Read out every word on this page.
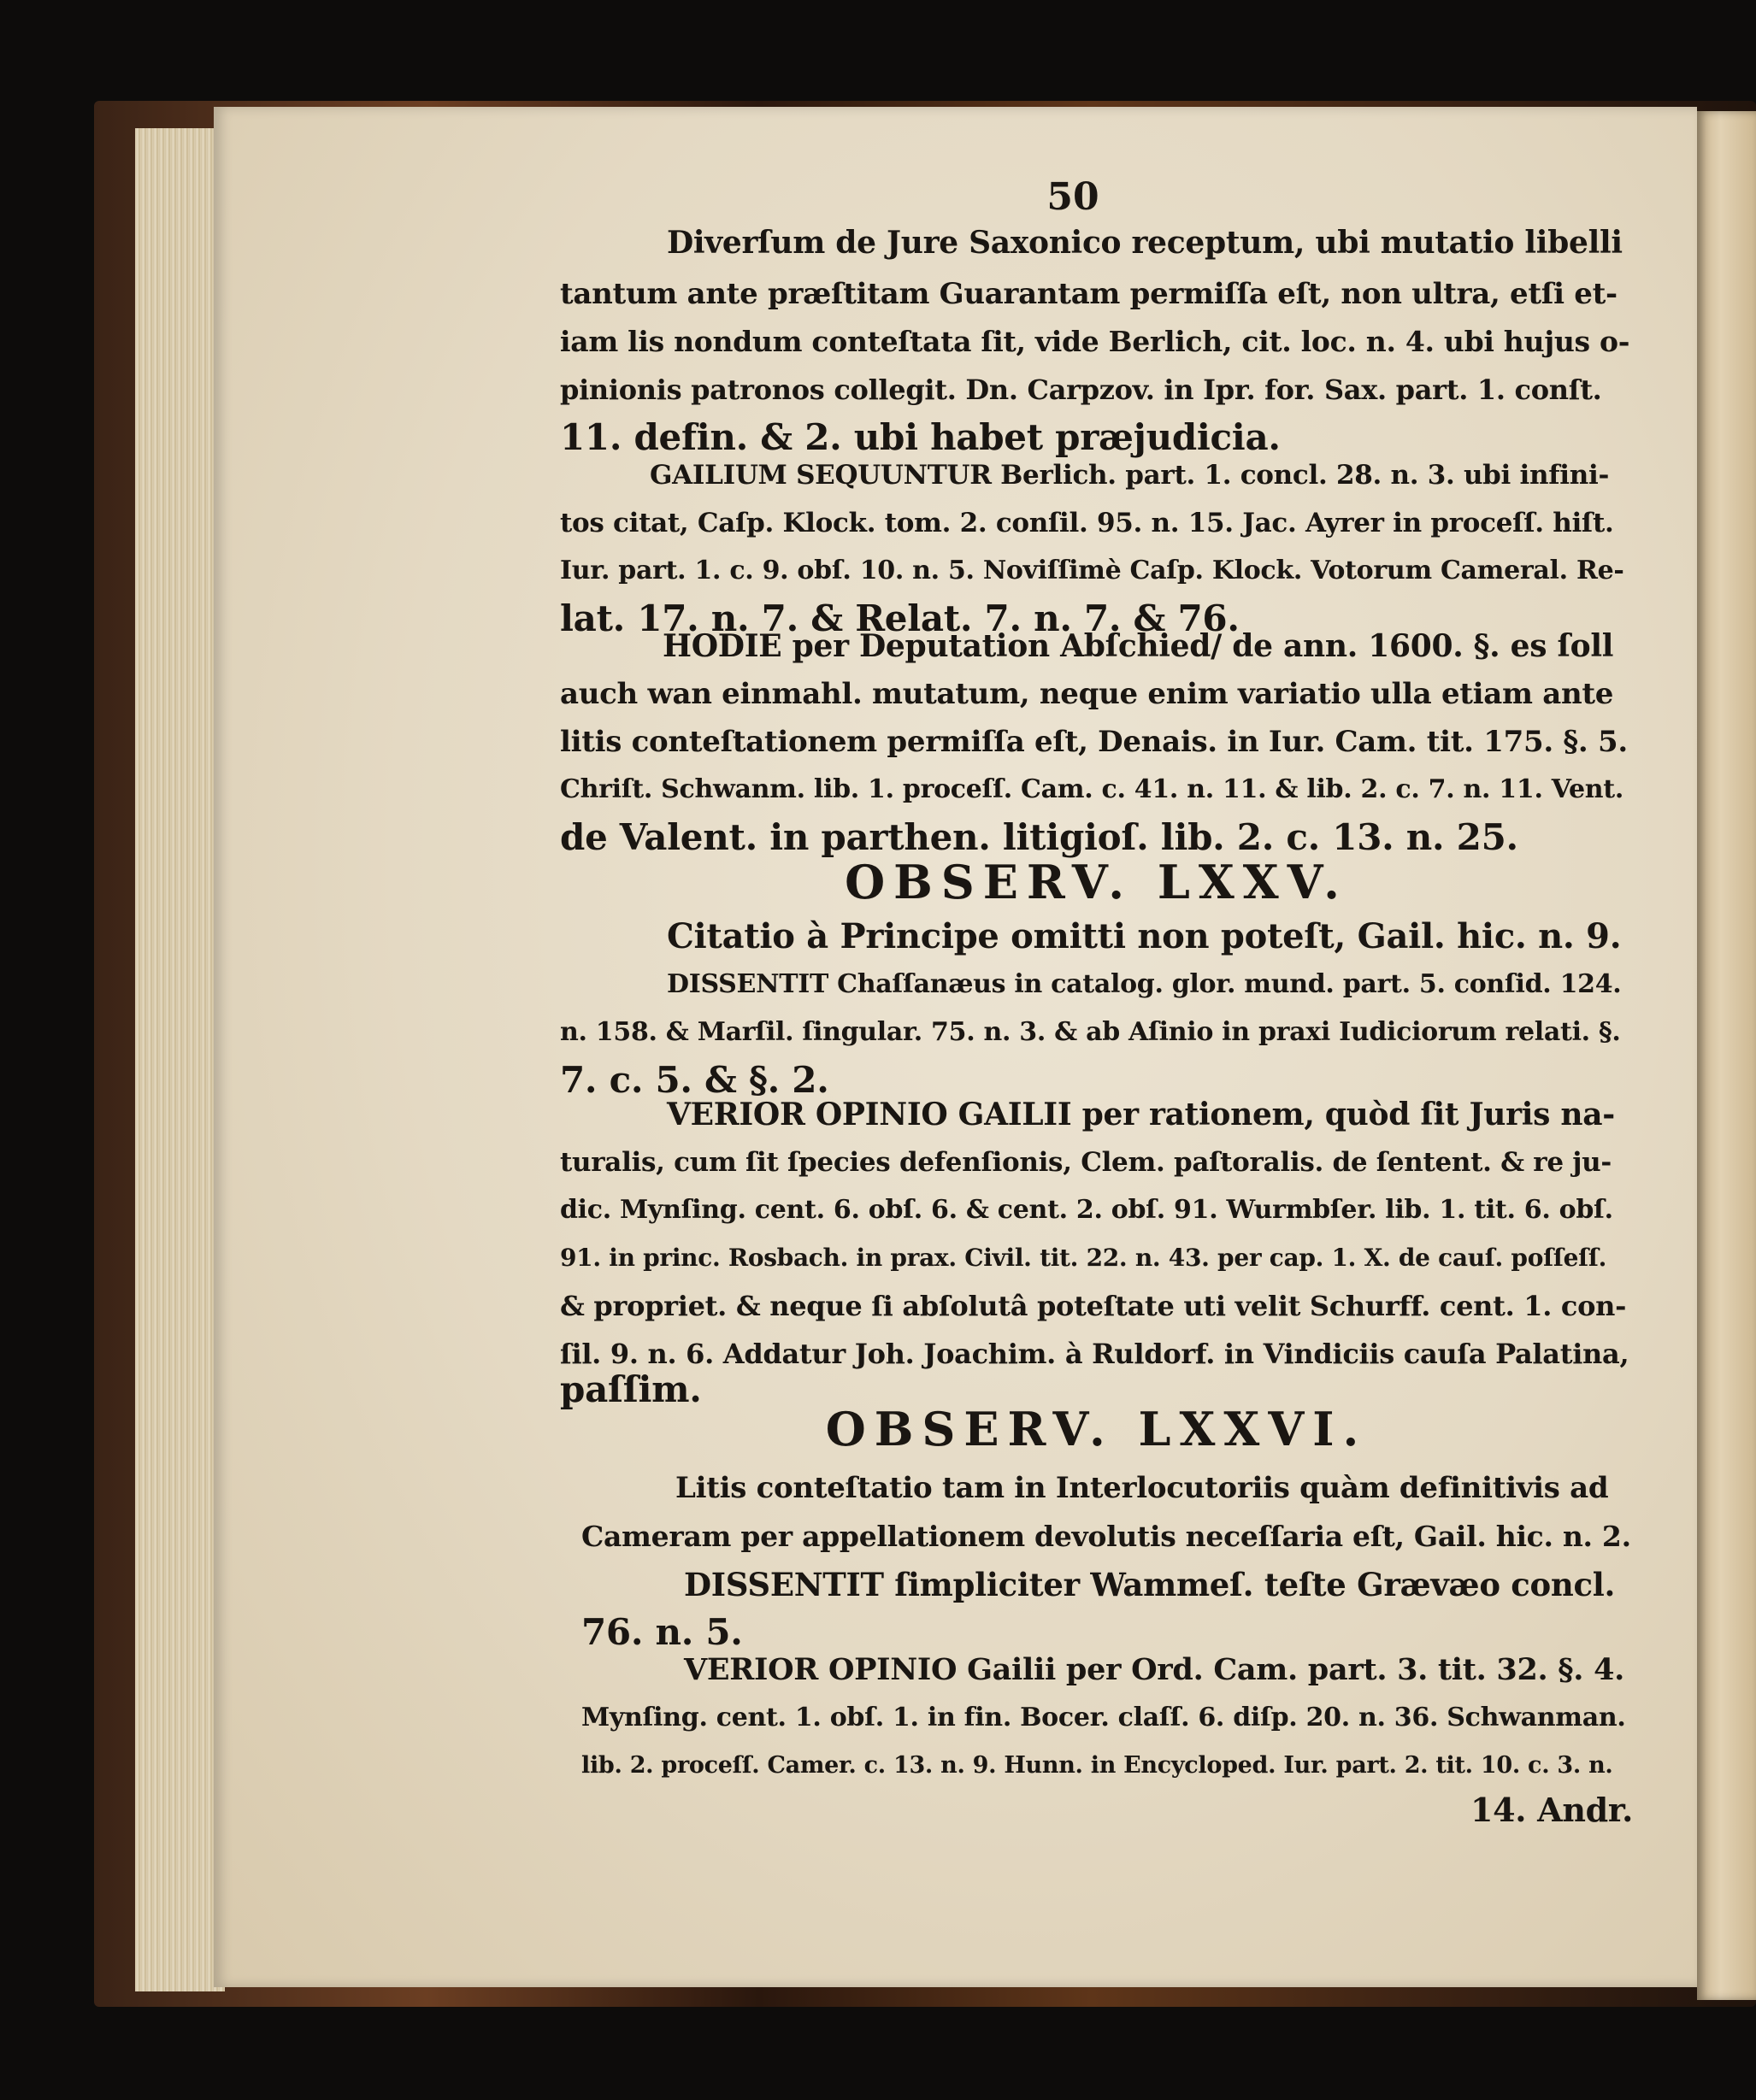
50
Diverſum de Jure Saxonico receptum, ubi mutatio libelli
tantum ante præſtitam Guarantam permiſſa eſt, non ultra, etſi et-
iam lis nondum conteſtata ſit, vide Berlich, cit. loc. n. 4. ubi hujus o-
pinionis patronos collegit. Dn. Carpzov. in Ipr. for. Sax. part. 1. conſt.
11. defin. & 2. ubi habet præjudicia.
GAILIUM SEQUUNTUR Berlich. part. 1. concl. 28. n. 3. ubi infini-
tos citat, Caſp. Klock. tom. 2. conſil. 95. n. 15. Jac. Ayrer in proceſſ. hiſt.
Iur. part. 1. c. 9. obſ. 10. n. 5. Noviſſimè Caſp. Klock. Votorum Cameral. Re-
lat. 17. n. 7. & Relat. 7. n. 7. & 76.
HODIE per Deputation Abſchied/ de ann. 1600. §. es ſoll
auch wan einmahl. mutatum, neque enim variatio ulla etiam ante
litis conteſtationem permiſſa eſt, Denais. in Iur. Cam. tit. 175. §. 5.
Chriſt. Schwanm. lib. 1. proceſſ. Cam. c. 41. n. 11. & lib. 2. c. 7. n. 11. Vent.
de Valent. in parthen. litigioſ. lib. 2. c. 13. n. 25.
OBSERV. LXXV.
Citatio à Principe omitti non poteſt, Gail. hic. n. 9.
DISSENTIT Chaſſanæus in catalog. glor. mund. part. 5. conſid. 124.
n. 158. & Marſil. ſingular. 75. n. 3. & ab Aſinio in praxi Iudiciorum relati. §.
7. c. 5. & §. 2.
VERIOR OPINIO GAILII per rationem, quòd ſit Juris na-
turalis, cum ſit ſpecies defenſionis, Clem. paſtoralis. de ſentent. & re ju-
dic. Mynſing. cent. 6. obſ. 6. & cent. 2. obſ. 91. Wurmbſer. lib. 1. tit. 6. obſ.
91. in princ. Rosbach. in prax. Civil. tit. 22. n. 43. per cap. 1. X. de cauſ. poſſeſſ.
& propriet. & neque ſi abſolutâ poteſtate uti velit Schurff. cent. 1. con-
ſil. 9. n. 6. Addatur Joh. Joachim. à Ruldorf. in Vindiciis cauſa Palatina,
paſſim.
OBSERV. LXXVI.
Litis conteſtatio tam in Interlocutoriis quàm definitivis ad
Cameram per appellationem devolutis neceſſaria eſt, Gail. hic. n. 2.
DISSENTIT ſimpliciter Wammeſ. teſte Grævæo concl.
76. n. 5.
VERIOR OPINIO Gailii per Ord. Cam. part. 3. tit. 32. §. 4.
Mynſing. cent. 1. obſ. 1. in fin. Bocer. claſſ. 6. diſp. 20. n. 36. Schwanman.
lib. 2. proceſſ. Camer. c. 13. n. 9. Hunn. in Encycloped. Iur. part. 2. tit. 10. c. 3. n.
14. Andr.
